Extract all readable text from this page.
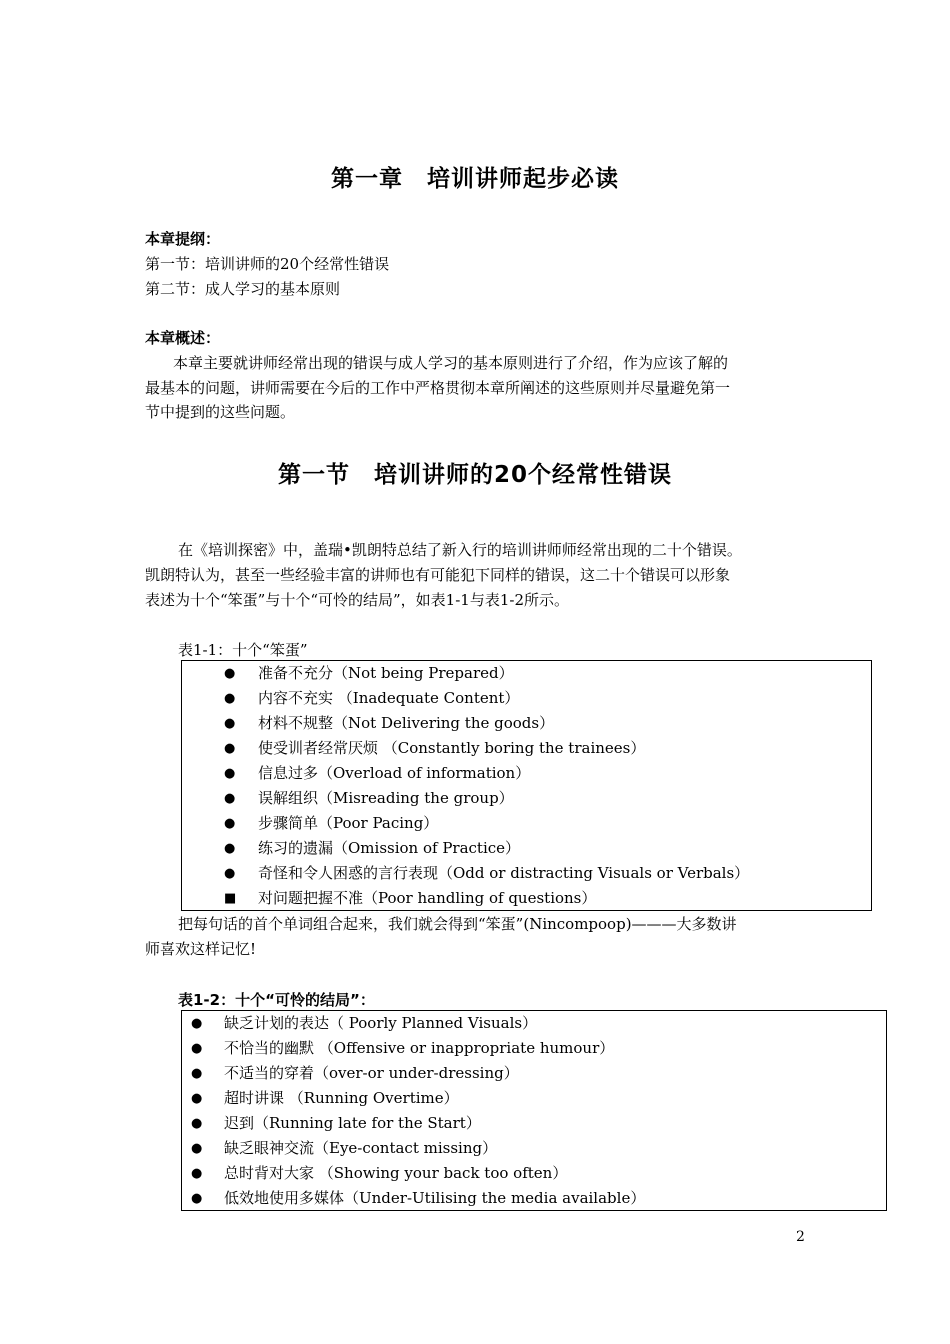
第一章　培训讲师起步必读
本章提纲：
第一节：培训讲师的20个经常性错误
第二节：成人学习的基本原则
本章概述：
本章主要就讲师经常出现的错误与成人学习的基本原则进行了介绍，作为应该了解的
最基本的问题，讲师需要在今后的工作中严格贯彻本章所阐述的这些原则并尽量避免第一
节中提到的这些问题。
第一节　培训讲师的20个经常性错误
在《培训探密》中，盖瑞•凯朗特总结了新入行的培训讲师师经常出现的二十个错误。
凯朗特认为，甚至一些经验丰富的讲师也有可能犯下同样的错误，这二十个错误可以形象
表述为十个“笨蛋”与十个“可怜的结局”，如表1-1与表1-2所示。
表1-1：十个“笨蛋”
● 准备不充分（Not being Prepared）
● 内容不充实 （Inadequate Content）
● 材料不规整（Not Delivering the goods）
● 使受训者经常厌烦 （Constantly boring the trainees）
● 信息过多（Overload of information）
● 误解组织（Misreading the group）
● 步骤简单（Poor Pacing）
● 练习的遗漏（Omission of Practice）
● 奇怪和令人困惑的言行表现（Odd or distracting Visuals or Verbals）
■ 对问题把握不准（Poor handling of questions）
把每句话的首个单词组合起来，我们就会得到“笨蛋”(Nincompoop)———大多数讲
师喜欢这样记忆!
表1-2：十个“可怜的结局”：
● 缺乏计划的表达（ Poorly Planned Visuals）
● 不恰当的幽默 （Offensive or inappropriate humour）
● 不适当的穿着（over-or under-dressing）
● 超时讲课 （Running Overtime）
● 迟到（Running late for the Start）
● 缺乏眼神交流（Eye-contact missing）
● 总时背对大家 （Showing your back too often）
● 低效地使用多媒体（Under-Utilising the media available）
2
